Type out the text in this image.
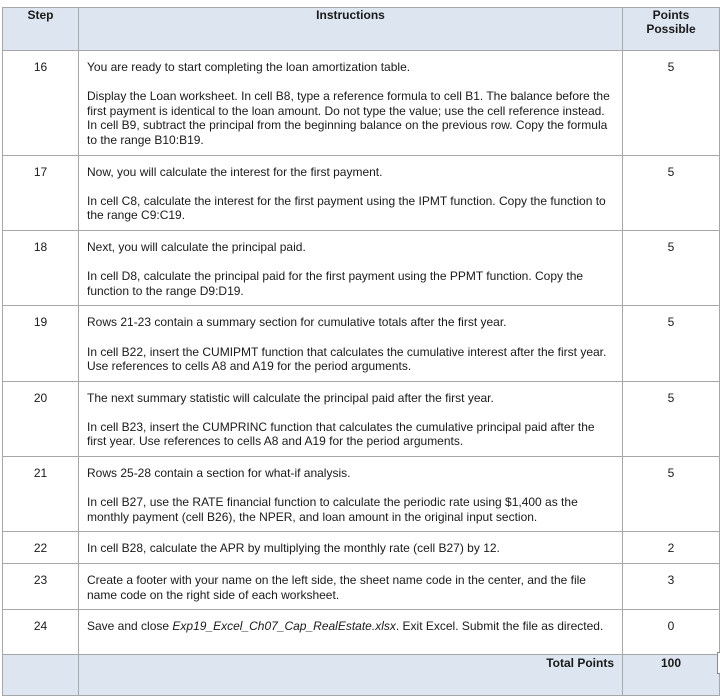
Step	Instructions	Points
Possible

16	You are ready to start completing the loan amortization table.

Display the Loan worksheet. In cell B8, type a reference formula to cell B1. The balance before the first payment is identical to the loan amount. Do not type the value; use the cell reference instead. In cell B9, subtract the principal from the beginning balance on the previous row. Copy the formula to the range B10:B19.	5
17	Now, you will calculate the interest for the first payment.

In cell C8, calculate the interest for the first payment using the IPMT function. Copy the function to the range C9:C19.	5
18	Next, you will calculate the principal paid.

In cell D8, calculate the principal paid for the first payment using the PPMT function. Copy the function to the range D9:D19.	5
19	Rows 21-23 contain a summary section for cumulative totals after the first year.

In cell B22, insert the CUMIPMT function that calculates the cumulative interest after the first year. Use references to cells A8 and A19 for the period arguments.	5
20	The next summary statistic will calculate the principal paid after the first year.

In cell B23, insert the CUMPRINC function that calculates the cumulative principal paid after the first year. Use references to cells A8 and A19 for the period arguments.	5
21	Rows 25-28 contain a section for what-if analysis.

In cell B27, use the RATE financial function to calculate the periodic rate using $1,400 as the monthly payment (cell B26), the NPER, and loan amount in the original input section.	5
22	In cell B28, calculate the APR by multiplying the monthly rate (cell B27) by 12.	2
23	Create a footer with your name on the left side, the sheet name code in the center, and the file name code on the right side of each worksheet.	3
24	Save and close Exp19_Excel_Ch07_Cap_RealEstate.xlsx. Exit Excel. Submit the file as directed.	0
	Total Points	100
